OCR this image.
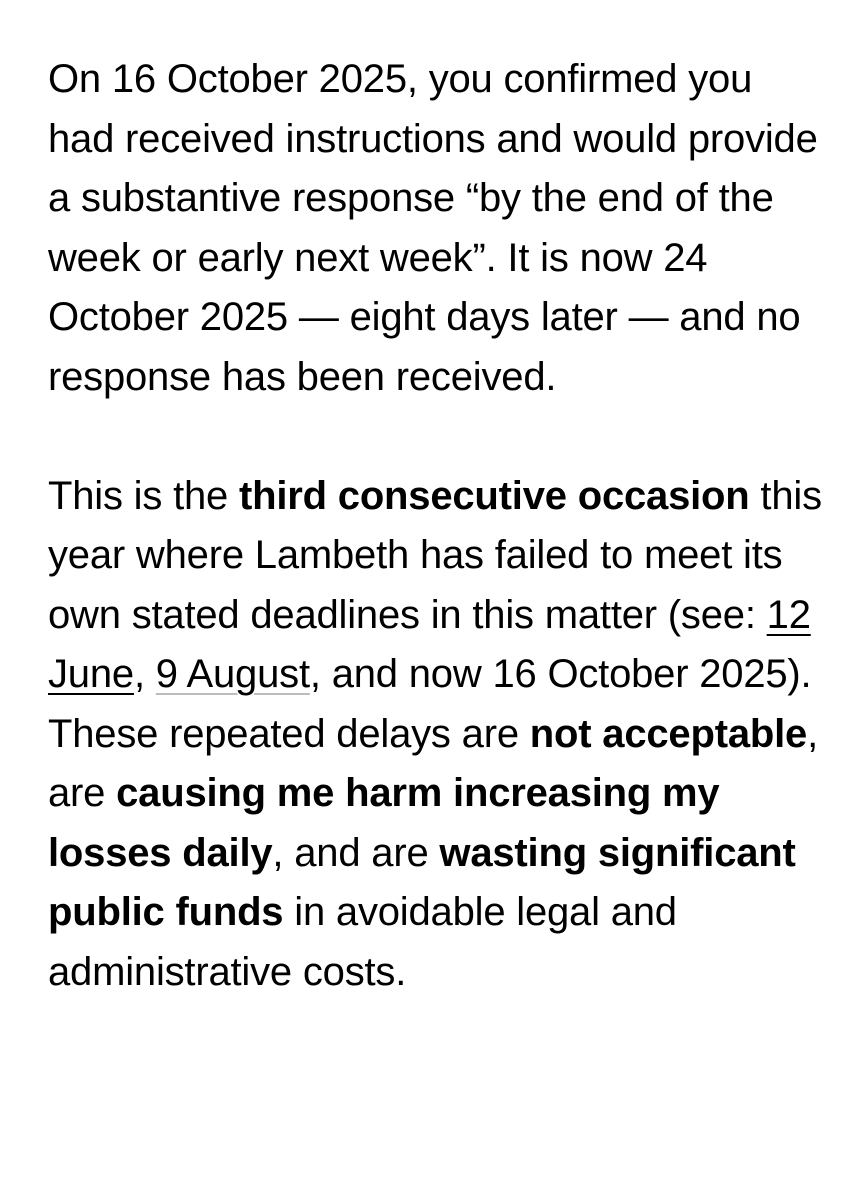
On 16 October 2025, you confirmed you had received instructions and would provide a substantive response “by the end of the week or early next week”. It is now 24 October 2025 — eight days later — and no response has been received.

This is the third consecutive occasion this year where Lambeth has failed to meet its own stated deadlines in this matter (see: 12 June, 9 August, and now 16 October 2025). These repeated delays are not acceptable, are causing me harm increasing my losses daily, and are wasting significant public funds in avoidable legal and administrative costs.
